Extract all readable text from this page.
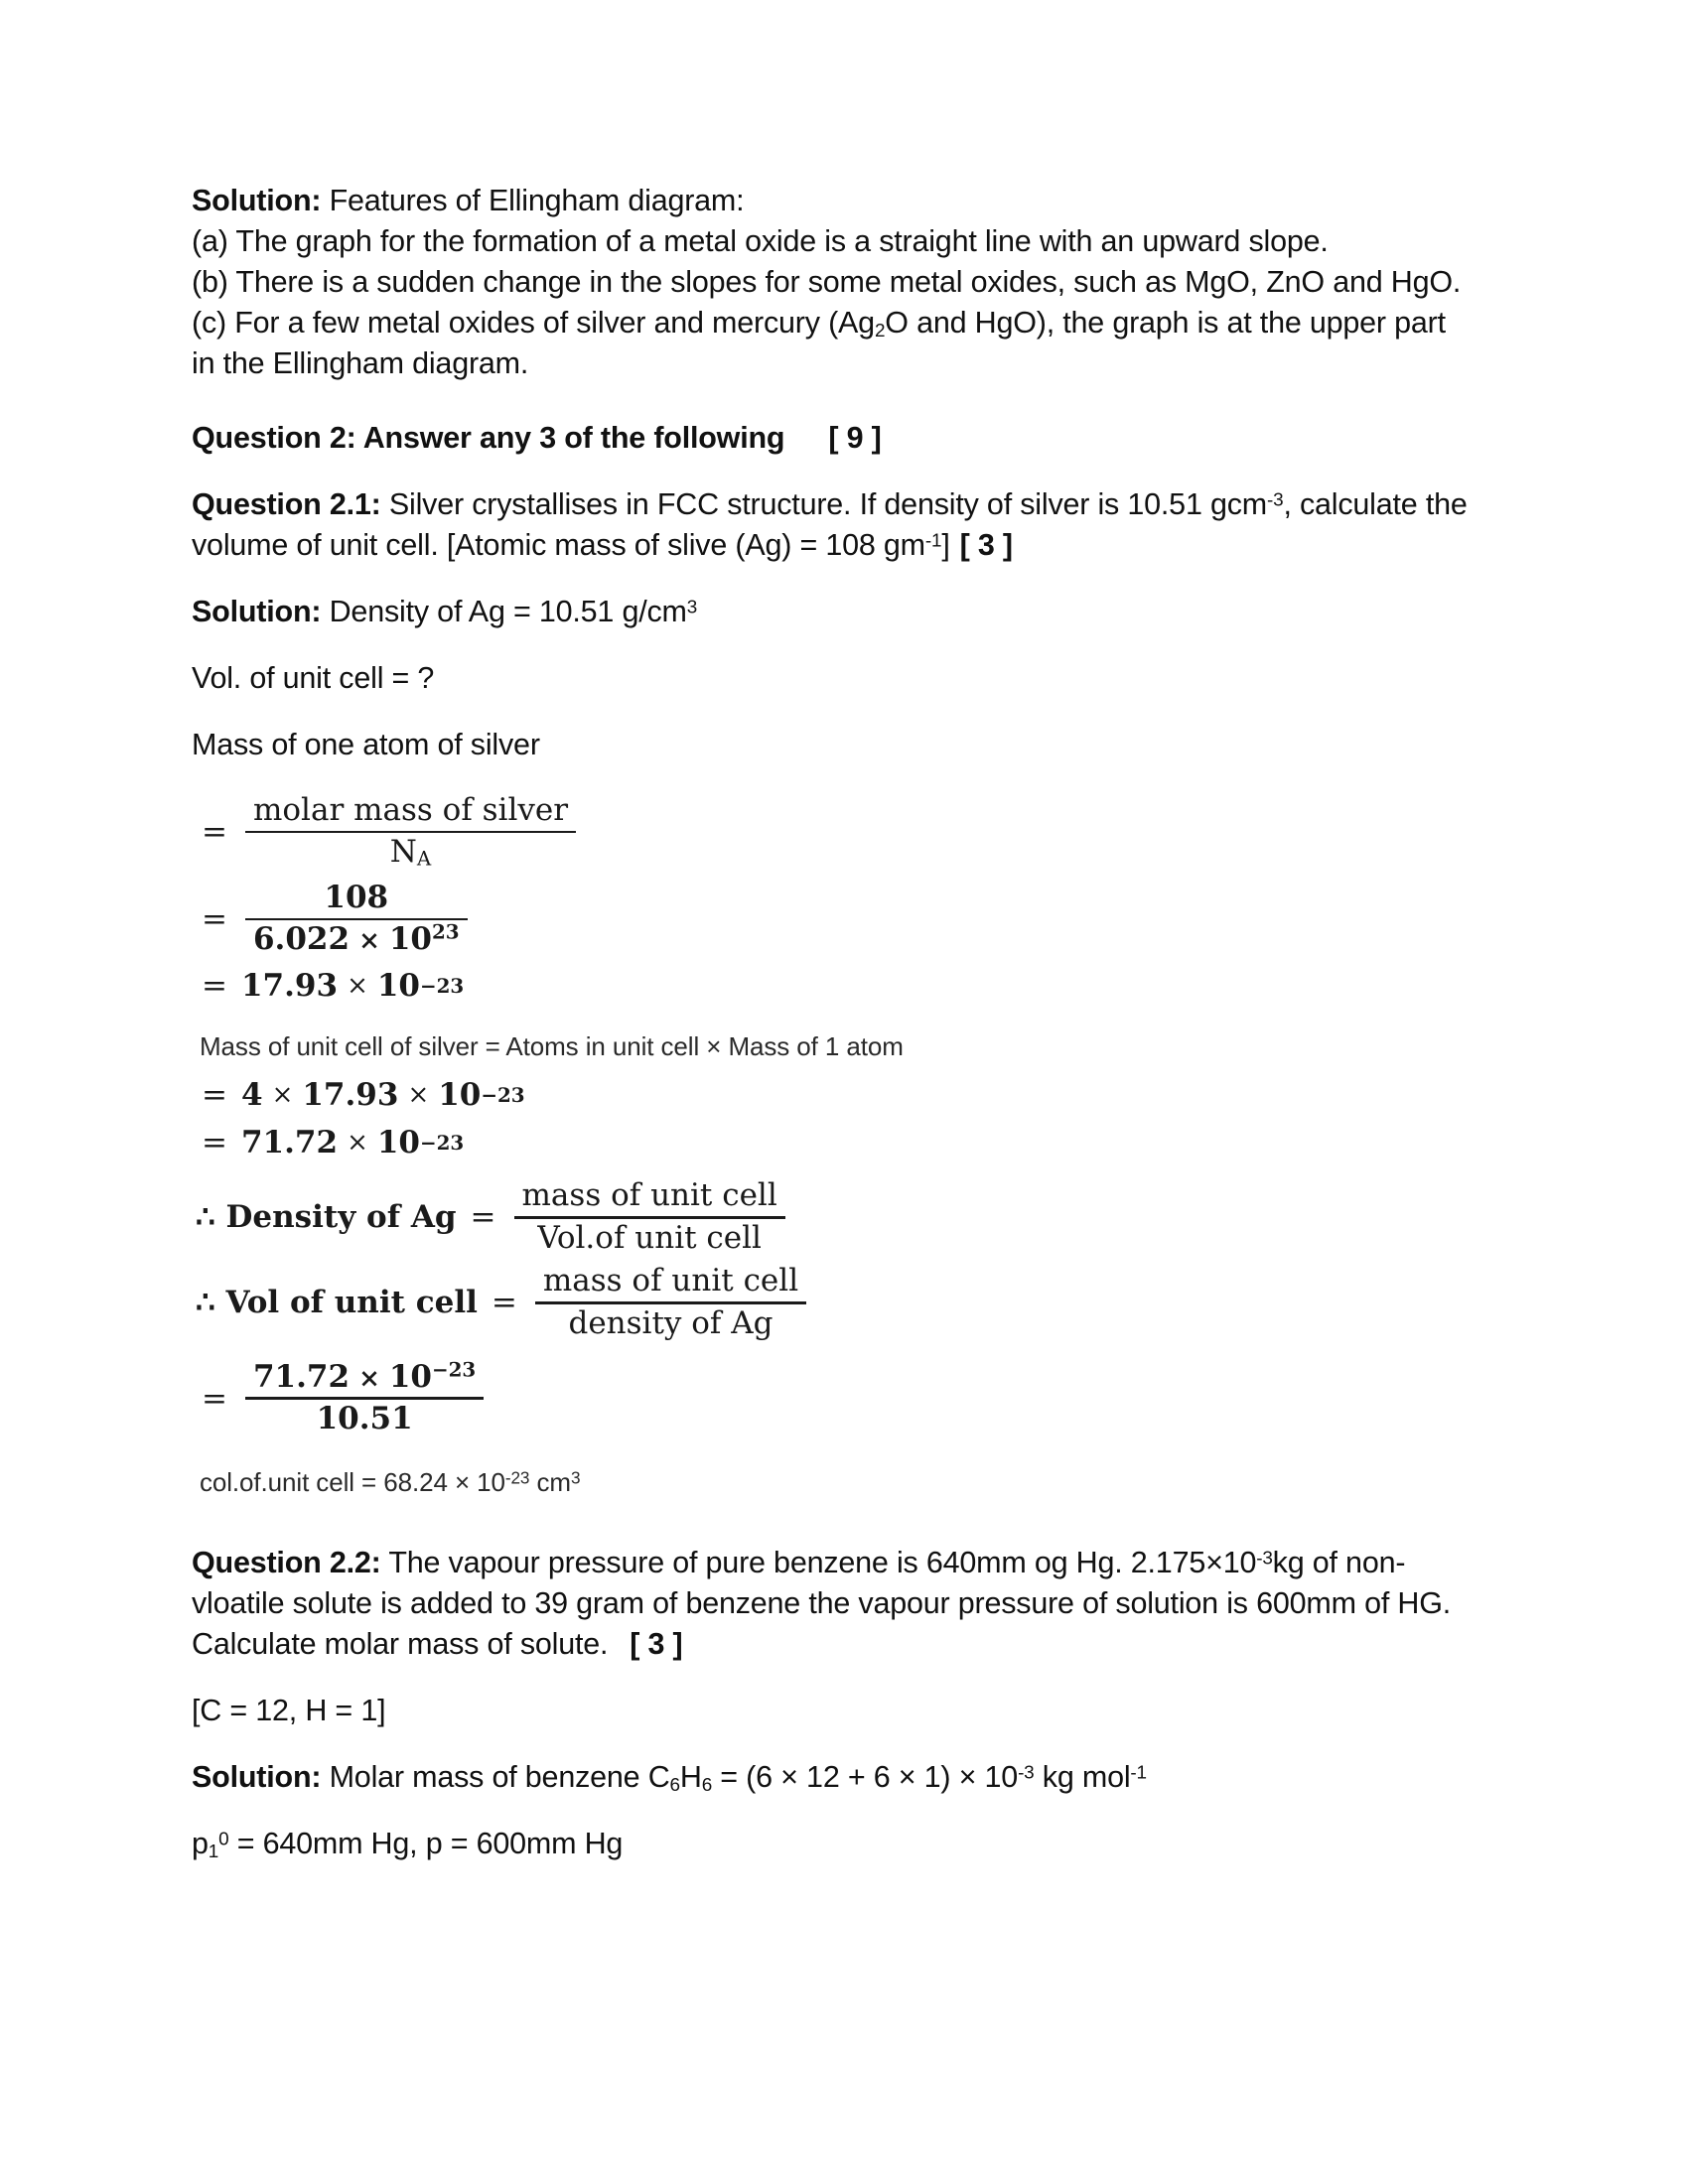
Solution: Features of Ellingham diagram:

(a) The graph for the formation of a metal oxide is a straight line with an upward slope.

(b) There is a sudden change in the slopes for some metal oxides, such as MgO, ZnO and HgO.

(c) For a few metal oxides of silver and mercury ($Ag_2O$ and HgO), the graph is at the upper part in the Ellingham diagram.

Question 2: Answer any 3 of the following [ 9 ]

Question 2.1: Silver crystallises in FCC structure. If density of silver is 10.51 gcm$^{-3}$, calculate the volume of unit cell. [Atomic mass of slive (Ag) = 108 $gm^{-1}$] [ 3 ]

Solution: Density of Ag = 10.51 $g/cm^3$

Vol. of unit cell = ?

Mass of one atom of silver

= $\frac{\text{molar mass of silver}}{N_A}$
= $\frac{108}{6.022 \times 10^{23}}$
= 17.93 × 10 −23

Mass of unit cell of silver = Atoms in unit cell × Mass of 1 atom

= 4 × 17.93 × 10 −23
= 71.72 × 10 −23
∴ Density of $Ag = \frac{\text{mass of unit cell}}{\text{Vol.of unit cell}}$
∴ Vol of unit cell = $\frac{\text{mass of unit cell}}{\text{density of Ag}}$
= $\frac{71.72 \times 10^{-23}}{10.51}$

col.of.unit cell = $68.24 \times 10^{-23}$ $cm^3$

Question 2.2: The vapour pressure of pure benzene is 640mm og Hg. $2.175\times 10^{-3}kg$ of non-vloatile solute is added to 39 gram of benzene the vapour pressure of solution is 600mm of HG. Calculate molar mass of solute. [ 3 ]

[C = 12, H = 1]

Solution: Molar mass of benzene $C_6H_6 = (6 \times 12 + 6 \times 1) \times 10^{-3}$ kg mol$^{-1}$

$p_1^0 = 640mm$ Hg, p = 600mm Hg
